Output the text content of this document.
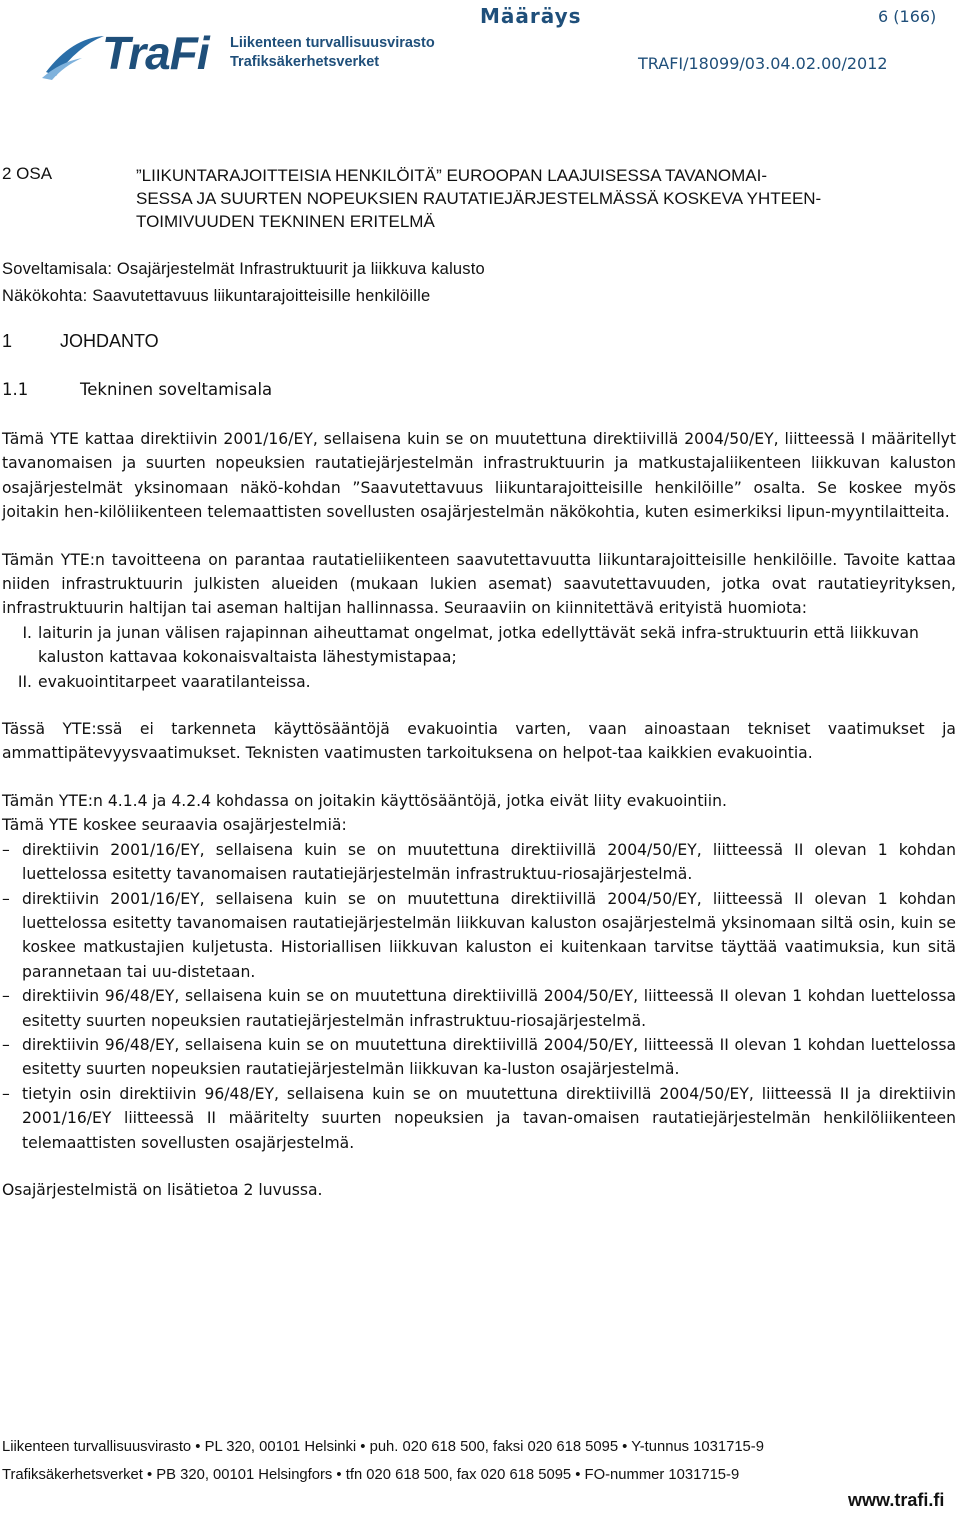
TraFi Liikenteen turvallisuusvirasto
Trafiksäkerhetsverket
Määräys	6 (166)
TRAFI/18099/03.04.02.00/2012
2 OSA	”LIIKUNTARAJOITTEISIA HENKILÖITÄ” EUROOPAN LAAJUISESSA TAVANOMAI-
SESSA JA SUURTEN NOPEUKSIEN RAUTATIEJÄRJESTELMÄSSÄ KOSKEVA YHTEEN-
TOIMIVUUDEN TEKNINEN ERITELMÄ
Soveltamisala: Osajärjestelmät Infrastruktuurit ja liikkuva kalusto
Näkökohta: Saavutettavuus liikuntarajoitteisille henkilöille
1	JOHDANTO
1.1	Tekninen soveltamisala

Tämä YTE kattaa direktiivin 2001/16/EY, sellaisena kuin se on muutettuna direktiivillä 2004/50/EY, liitteessä I määritellyt tavanomaisen ja suurten nopeuksien rautatiejärjestelmän infrastruktuurin ja matkustajaliikenteen liikkuvan kaluston osajärjestelmät yksinomaan näkö-kohdan ”Saavutettavuus liikuntarajoitteisille henkilöille” osalta. Se koskee myös joitakin hen-kilöliikenteen telemaattisten sovellusten osajärjestelmän näkökohtia, kuten esimerkiksi lipun-myyntilaitteita.

Tämän YTE:n tavoitteena on parantaa rautatieliikenteen saavutettavuutta liikuntarajoitteisille henkilöille. Tavoite kattaa niiden infrastruktuurin julkisten alueiden (mukaan lukien asemat) saavutettavuuden, jotka ovat rautatieyrityksen, infrastruktuurin haltijan tai aseman haltijan hallinnassa. Seuraaviin on kiinnitettävä erityistä huomiota:

I. laiturin ja junan välisen rajapinnan aiheuttamat ongelmat, jotka edellyttävät sekä infra-struktuurin että liikkuvan kaluston kattavaa kokonaisvaltaista lähestymistapaa;
II. evakuointitarpeet vaaratilanteissa.

Tässä YTE:ssä ei tarkenneta käyttösääntöjä evakuointia varten, vaan ainoastaan tekniset vaatimukset ja ammattipätevyysvaatimukset. Teknisten vaatimusten tarkoituksena on helpot-taa kaikkien evakuointia.

Tämän YTE:n 4.1.4 ja 4.2.4 kohdassa on joitakin käyttösääntöjä, jotka eivät liity evakuointiin.

Tämä YTE koskee seuraavia osajärjestelmiä:

– direktiivin 2001/16/EY, sellaisena kuin se on muutettuna direktiivillä 2004/50/EY, liitteessä II olevan 1 kohdan luettelossa esitetty tavanomaisen rautatiejärjestelmän infrastruktuu-riosajärjestelmä.
– direktiivin 2001/16/EY, sellaisena kuin se on muutettuna direktiivillä 2004/50/EY, liitteessä II olevan 1 kohdan luettelossa esitetty tavanomaisen rautatiejärjestelmän liikkuvan kaluston osajärjestelmä yksinomaan siltä osin, kuin se koskee matkustajien kuljetusta. Historiallisen liikkuvan kaluston ei kuitenkaan tarvitse täyttää vaatimuksia, kun sitä parannetaan tai uu-distetaan.
– direktiivin 96/48/EY, sellaisena kuin se on muutettuna direktiivillä 2004/50/EY, liitteessä II olevan 1 kohdan luettelossa esitetty suurten nopeuksien rautatiejärjestelmän infrastruktuu-riosajärjestelmä.
– direktiivin 96/48/EY, sellaisena kuin se on muutettuna direktiivillä 2004/50/EY, liitteessä II olevan 1 kohdan luettelossa esitetty suurten nopeuksien rautatiejärjestelmän liikkuvan ka-luston osajärjestelmä.
– tietyin osin direktiivin 96/48/EY, sellaisena kuin se on muutettuna direktiivillä 2004/50/EY, liitteessä II ja direktiivin 2001/16/EY liitteessä II määritelty suurten nopeuksien ja tavan-omaisen rautatiejärjestelmän henkilöliikenteen telemaattisten sovellusten osajärjestelmä.

Osajärjestelmistä on lisätietoa 2 luvussa.

Liikenteen turvallisuusvirasto • PL 320, 00101 Helsinki • puh. 020 618 500, faksi 020 618 5095 • Y-tunnus 1031715-9
Trafiksäkerhetsverket • PB 320, 00101 Helsingfors • tfn 020 618 500, fax 020 618 5095 • FO-nummer 1031715-9
www.trafi.fi
